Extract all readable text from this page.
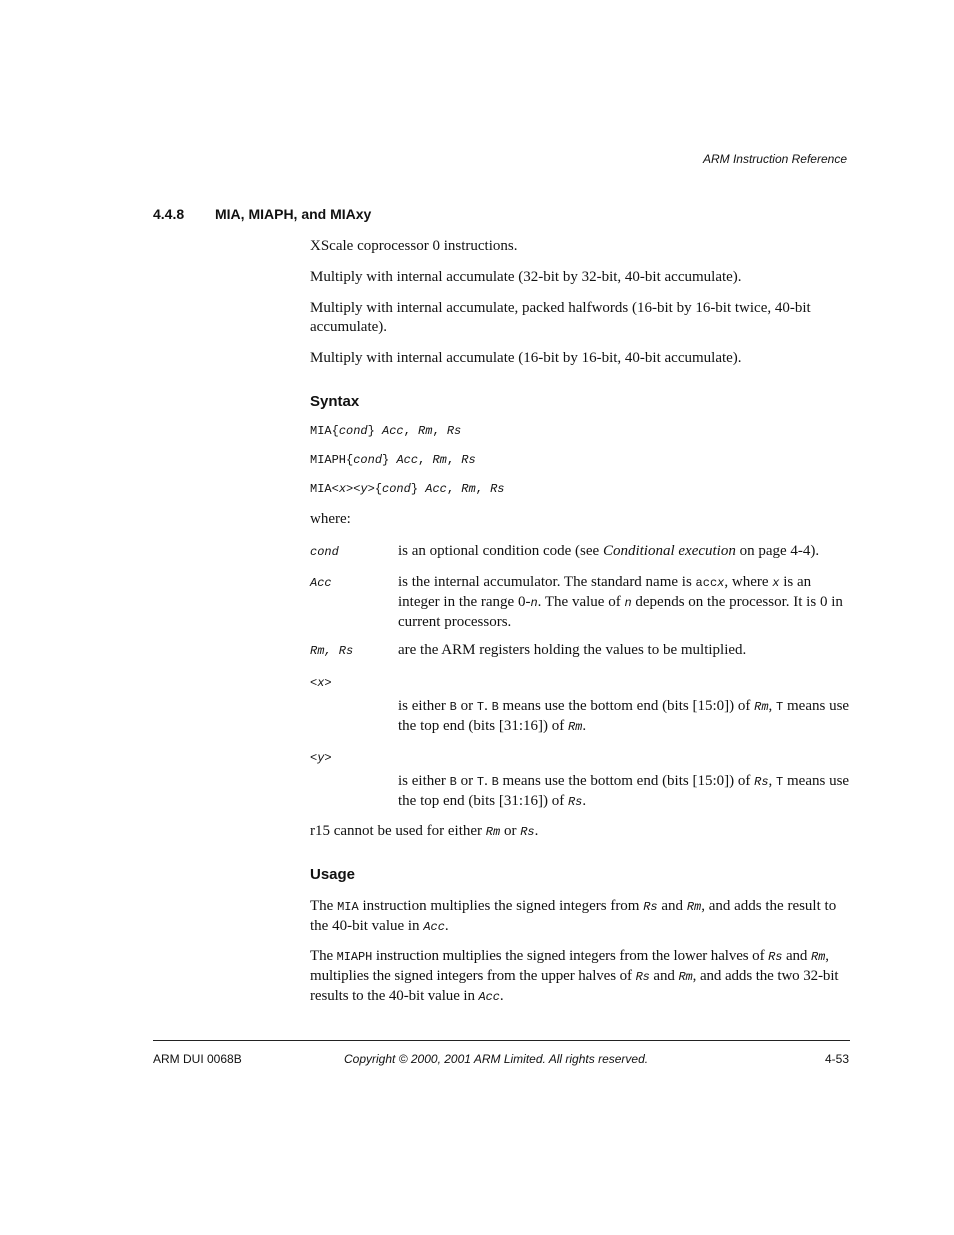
ARM Instruction Reference
4.4.8 MIA, MIAPH, and MIAxy
XScale coprocessor 0 instructions.
Multiply with internal accumulate (32-bit by 32-bit, 40-bit accumulate).
Multiply with internal accumulate, packed halfwords (16-bit by 16-bit twice, 40-bit accumulate).
Multiply with internal accumulate (16-bit by 16-bit, 40-bit accumulate).
Syntax
MIA{cond} Acc, Rm, Rs
MIAPH{cond} Acc, Rm, Rs
MIA<x><y>{cond} Acc, Rm, Rs
where:
cond	is an optional condition code (see Conditional execution on page 4-4).
Acc	is the internal accumulator. The standard name is accx, where x is an integer in the range 0-n. The value of n depends on the processor. It is 0 in current processors.
Rm, Rs	are the ARM registers holding the values to be multiplied.
<x>
is either B or T. B means use the bottom end (bits [15:0]) of Rm, T means use the top end (bits [31:16]) of Rm.
<y>
is either B or T. B means use the bottom end (bits [15:0]) of Rs, T means use the top end (bits [31:16]) of Rs.
r15 cannot be used for either Rm or Rs.
Usage
The MIA instruction multiplies the signed integers from Rs and Rm, and adds the result to the 40-bit value in Acc.
The MIAPH instruction multiplies the signed integers from the lower halves of Rs and Rm, multiplies the signed integers from the upper halves of Rs and Rm, and adds the two 32-bit results to the 40-bit value in Acc.
ARM DUI 0068B	Copyright © 2000, 2001 ARM Limited. All rights reserved.	4-53
